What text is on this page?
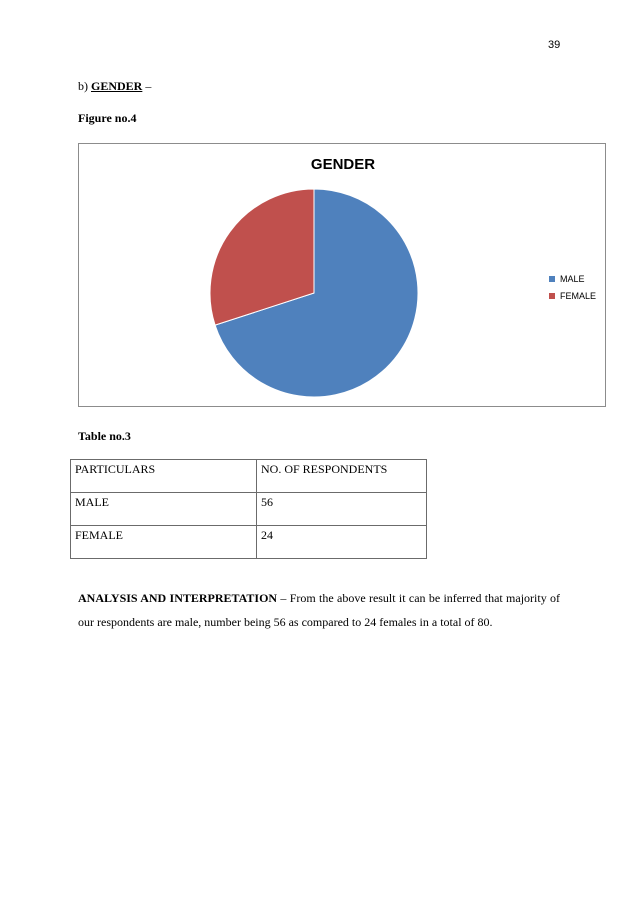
39
b) GENDER –
Figure no.4
GENDER
MALE
FEMALE
Table no.3
PARTICULARS	NO. OF RESPONDENTS
MALE	56
FEMALE	24
ANALYSIS AND INTERPRETATION – From the above result it can be inferred that majority of our respondents are male, number being 56 as compared to 24 females in a total of 80.
